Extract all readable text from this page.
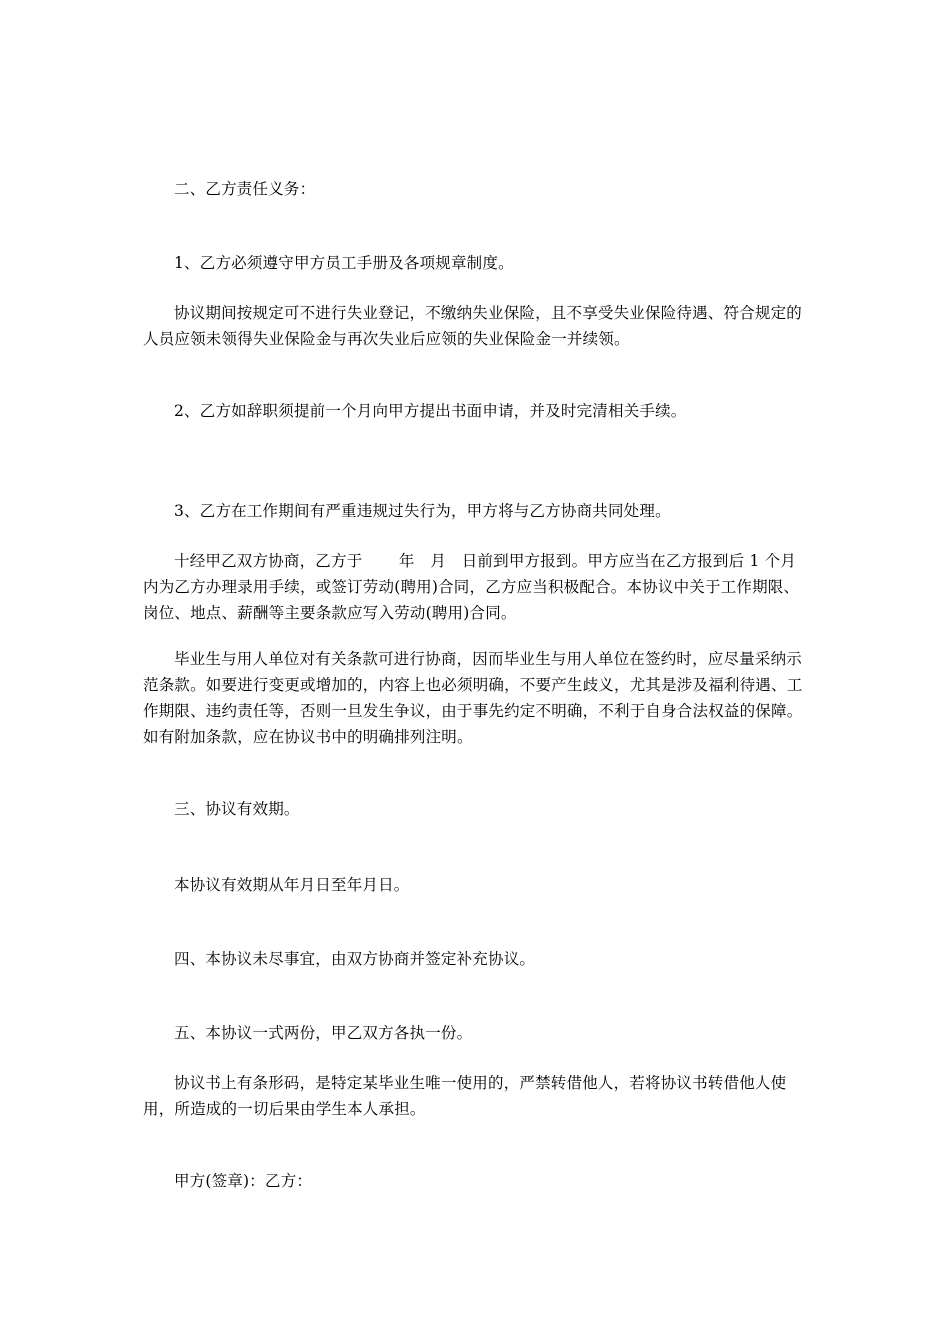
二、乙方责任义务：
1、乙方必须遵守甲方员工手册及各项规章制度。
协议期间按规定可不进行失业登记，不缴纳失业保险，且不享受失业保险待遇、符合规定的人员应领未领得失业保险金与再次失业后应领的失业保险金一并续领。
2、乙方如辞职须提前一个月向甲方提出书面申请，并及时完清相关手续。
3、乙方在工作期间有严重违规过失行为，甲方将与乙方协商共同处理。
十经甲乙双方协商，乙方于　　 年　月　日前到甲方报到。甲方应当在乙方报到后 1 个月内为乙方办理录用手续，或签订劳动(聘用)合同，乙方应当积极配合。本协议中关于工作期限、岗位、地点、薪酬等主要条款应写入劳动(聘用)合同。
毕业生与用人单位对有关条款可进行协商，因而毕业生与用人单位在签约时，应尽量采纳示范条款。如要进行变更或增加的，内容上也必须明确，不要产生歧义，尤其是涉及福利待遇、工作期限、违约责任等，否则一旦发生争议，由于事先约定不明确，不利于自身合法权益的保障。如有附加条款，应在协议书中的明确排列注明。
三、协议有效期。
本协议有效期从年月日至年月日。
四、本协议未尽事宜，由双方协商并签定补充协议。
五、本协议一式两份，甲乙双方各执一份。
协议书上有条形码，是特定某毕业生唯一使用的，严禁转借他人，若将协议书转借他人使用，所造成的一切后果由学生本人承担。
甲方(签章)：乙方：
